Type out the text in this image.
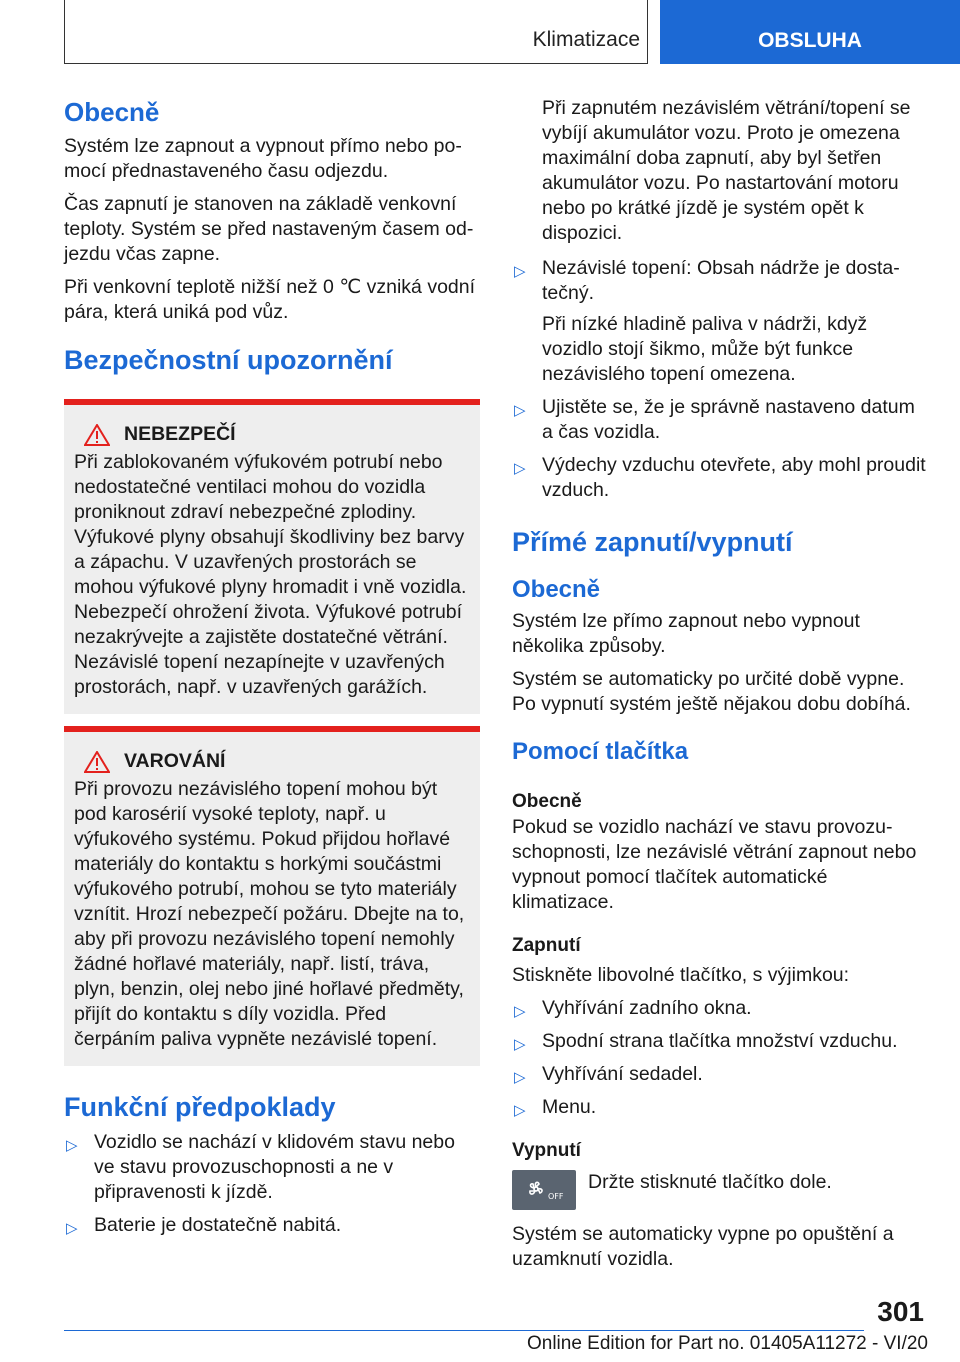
Klimatizace	OBSLUHA
Obecně

Systém lze zapnout a vypnout přímo nebo pomocí přednastaveného času odjezdu.

Čas zapnutí je stanoven na základě venkovní teploty. Systém se před nastaveným časem odjezdu včas zapne.

Při venkovní teplotě nižší než 0 ℃ vzniká vodní pára, která uniká pod vůz.

Bezpečnostní upozornění
NEBEZPEČÍ

Při zablokovaném výfukovém potrubí nebo nedostatečné ventilaci mohou do vozidla proniknout zdraví nebezpečné zplodiny. Výfukové plyny obsahují škodliviny bez barvy a zápachu. V uzavřených prostorách se mohou výfukové plyny hromadit i vně vozidla. Nebezpečí ohrožení života. Výfukové potrubí nezakrývejte a zajistěte dostatečné větrání. Nezávislé topení nezapínejte v uzavřených prostorách, např. v uzavřených garážích.

VAROVÁNÍ

Při provozu nezávislého topení mohou být pod karosérií vysoké teploty, např. u výfukového systému. Pokud přijdou hořlavé materiály do kontaktu s horkými součástmi výfukového potrubí, mohou se tyto materiály vznítit. Hrozí nebezpečí požáru. Dbejte na to, aby při provozu nezávislého topení nemohly žádné hořlavé materiály, např. listí, tráva, plyn, benzin, olej nebo jiné hořlavé předměty, přijít do kontaktu s díly vozidla. Před čerpáním paliva vypněte nezávislé topení.

Funkční předpoklady
▷ Vozidlo se nachází v klidovém stavu nebo ve stavu provozuschopnosti a ne v připravenosti k jízdě.
▷ Baterie je dostatečně nabitá.
Při zapnutém nezávislém větrání/topení se vybíjí akumulátor vozu. Proto je omezena maximální doba zapnutí, aby byl šetřen akumulátor vozu. Po nastartování motoru nebo po krátké jízdě je systém opět k dispozici.
▷ Nezávislé topení: Obsah nádrže je dostatečný.

Při nízké hladině paliva v nádrži, když vozidlo stojí šikmo, může být funkce nezávislého topení omezena.

▷ Ujistěte se, že je správně nastaveno datum a čas vozidla.
▷ Výdechy vzduchu otevřete, aby mohl proudit vzduch.
Přímé zapnutí/vypnutí
Obecně

Systém lze přímo zapnout nebo vypnout několika způsoby.

Systém se automaticky po určité době vypne. Po vypnutí systém ještě nějakou dobu dobíhá.

Pomocí tlačítka
Obecně

Pokud se vozidlo nachází ve stavu provozuschopnosti, lze nezávislé větrání zapnout nebo vypnout pomocí tlačítek automatické klimatizace.

Zapnutí

Stiskněte libovolné tlačítko, s výjimkou:

▷ Vyhřívání zadního okna.
▷ Spodní strana tlačítka množství vzduchu.
▷ Vyhřívání sedadel.
▷ Menu.
Vypnutí
OFF

Držte stisknuté tlačítko dole.

Systém se automaticky vypne po opuštění a uzamknutí vozidla.

301
Online Edition for Part no. 01405A11272 - VI/20
